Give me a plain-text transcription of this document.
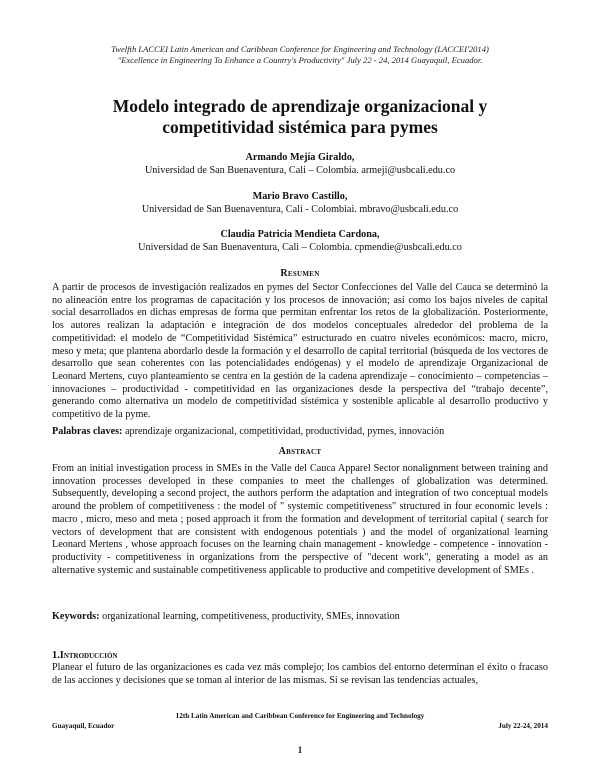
Twelfth LACCEI Latin American and Caribbean Conference for Engineering and Technology (LACCEI'2014)
"Excellence in Engineering To Enhance a Country's Productivity" July 22 - 24, 2014 Guayaquil, Ecuador.
Modelo integrado de aprendizaje organizacional y
competitividad sistémica para pymes
Armando Mejía Giraldo,
Universidad de San Buenaventura, Cali – Colombia. armeji@usbcali.edu.co
Mario Bravo Castillo,
Universidad de San Buenaventura, Cali - Colombiai. mbravo@usbcali.edu.co
Claudia Patricia Mendieta Cardona,
Universidad de San Buenaventura, Cali – Colombia. cpmendie@usbcali.edu.co
Resumen
A partir de procesos de investigación realizados en pymes del Sector Confecciones del Valle del Cauca se determinó la no alineación entre los programas de capacitación y los procesos de innovación; así como los bajos niveles de capital social desarrollados en dichas empresas de forma que permitan enfrentar los retos de la globalización. Posteriormente, los autores realizan la adaptación e integración de dos modelos conceptuales alrededor del problema de la competitividad: el modelo de “Competitividad Sistémica” estructurado en cuatro niveles económicos: macro, micro, meso y meta; que plantena abordarlo desde la formación y el desarrollo de capital territorial (búsqueda de los vectores de desarrollo que sean coherentes con las potencialidades endógenas) y el modelo de aprendizaje Organizacional de Leonard Mertens, cuyo planteamiento se centra en la gestión de la cadena aprendizaje – conocimiento – competencias – innovaciones – productividad - competitividad en las organizaciones desde la perspectiva del “trabajo decente”, generando como alternativa un modelo de competitividad sistémica y sostenible aplicable al desarrollo productivo y competitivo de la pyme.
Palabras claves: aprendizaje organizacional, competitividad, productividad, pymes, innovación
Abstract
From an initial investigation process in SMEs in the Valle del Cauca Apparel Sector nonalignment between training and innovation processes developed in these companies to meet the challenges of globalization was determined. Subsequently, developing a second project, the authors perform the adaptation and integration of two conceptual models around the problem of competitiveness : the model of " systemic competitiveness" structured in four economic levels : macro , micro, meso and meta ; posed approach it from the formation and development of territorial capital ( search for vectors of development that are consistent with endogenous potentials ) and the model of organizational learning Leonard Mertens , whose approach focuses on the learning chain management - knowledge - competence - innovation - productivity - competitiveness in organizations from the perspective of "decent work", generating a model as an alternative systemic and sustainable competitiveness applicable to productive and competitive development of SMEs .
Keywords: organizational learning, competitiveness, productivity, SMEs, innovation
1.Introducción
Planear el futuro de las organizaciones es cada vez más complejo; los cambios del entorno determinan el éxito o fracaso de las acciones y decisiones que se toman al interior de las mismas. Si se revisan las tendencias actuales,
12th Latin American and Caribbean Conference for Engineering and Technology
Guayaquil, Ecuador	July 22-24, 2014
1
